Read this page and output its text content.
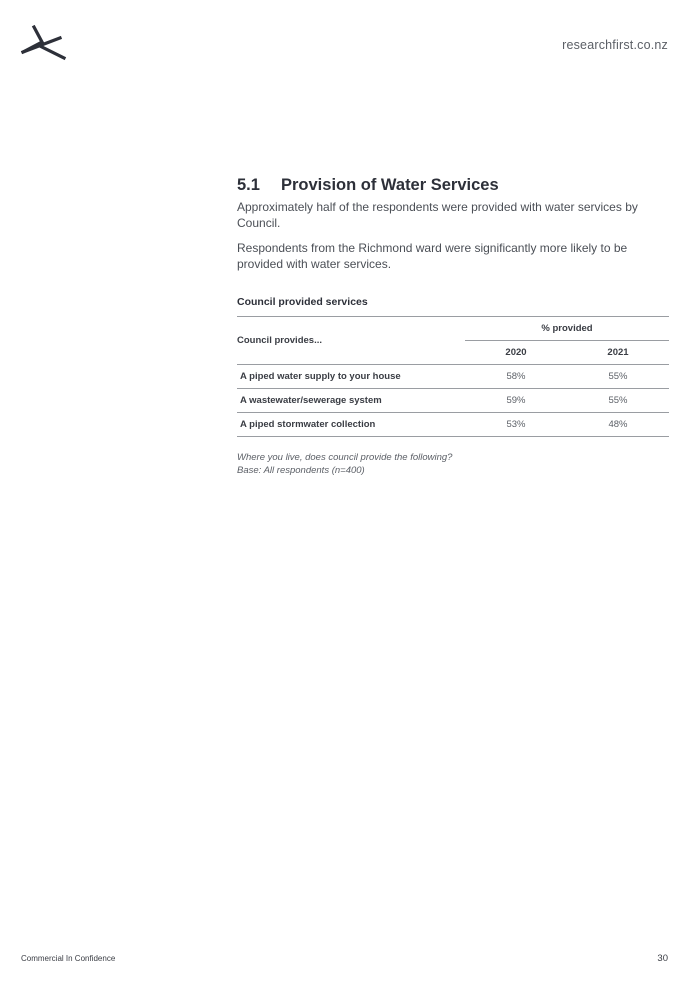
researchfirst.co.nz
5.1	Provision of Water Services

Approximately half of the respondents were provided with water services by Council.

Respondents from the Richmond ward were significantly more likely to be provided with water services.

Council provided services
Council provides...	% provided	
	2020	2021
A piped water supply to your house	58%	55%
A wastewater/sewerage system	59%	55%
A piped stormwater collection	53%	48%
Where you live, does council provide the following?
Base: All respondents (n=400)
Commercial In Confidence	30
